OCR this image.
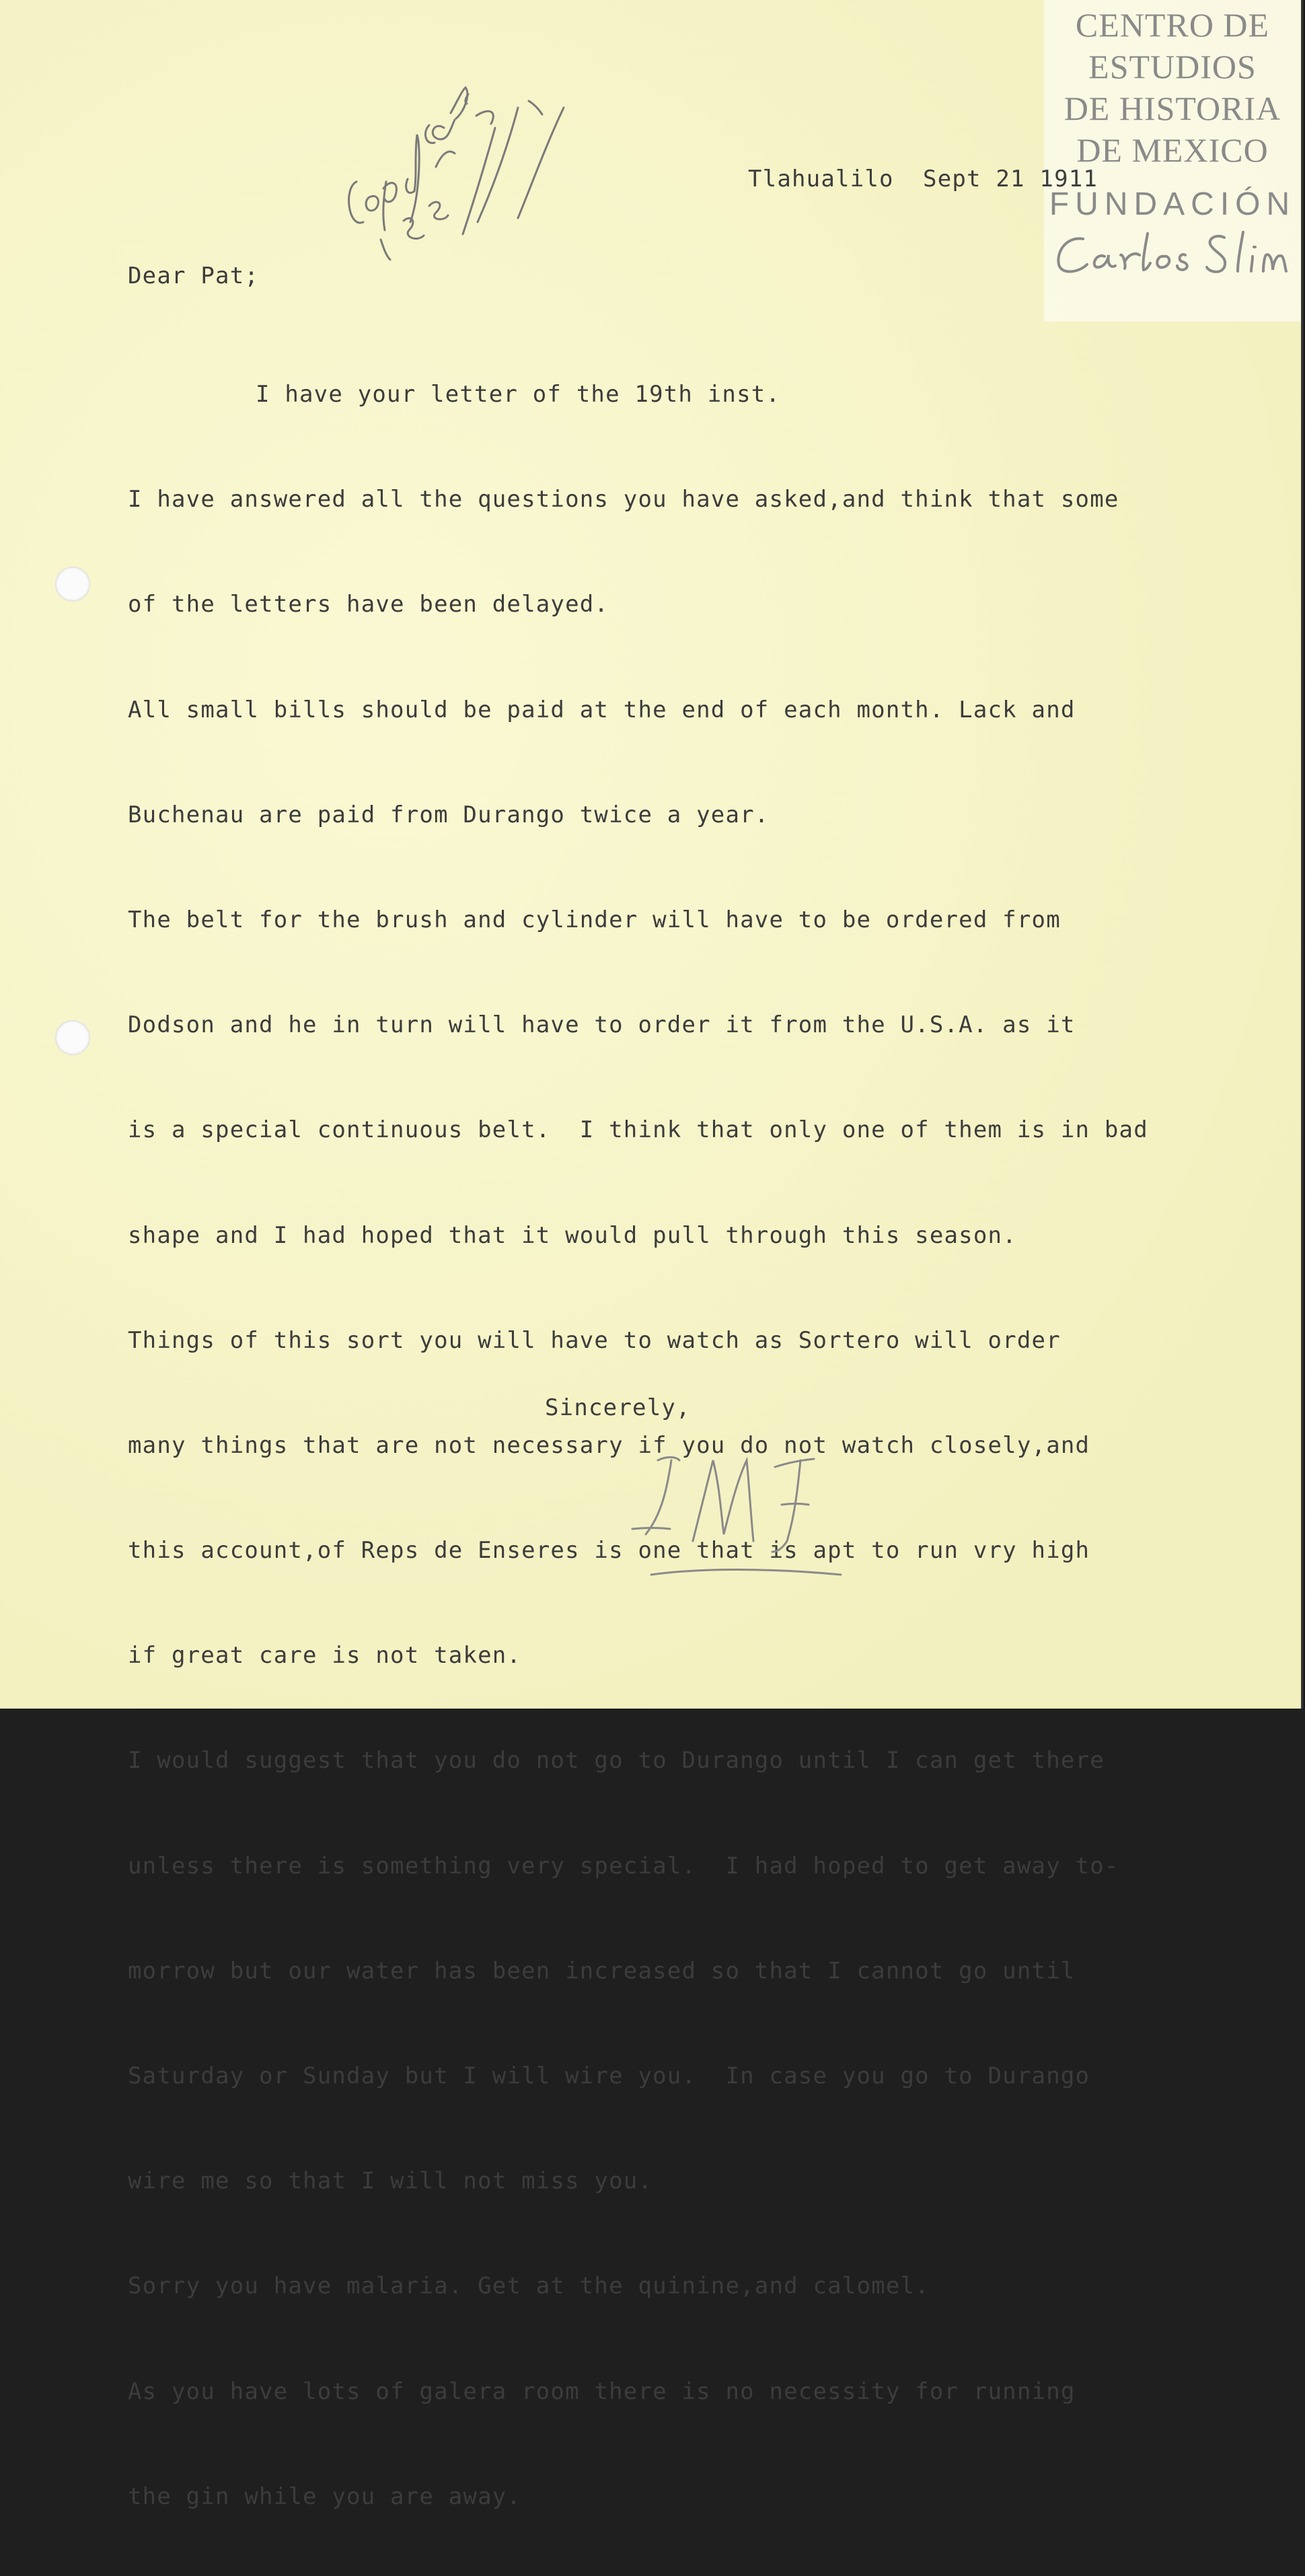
CENTRO DE
ESTUDIOS
DE HISTORIA
DE MEXICO
FUNDACIÓN
Tlahualilo  Sept 21 1911
Dear Pat;

I have your letter of the 19th inst.

I have answered all the questions you have asked,and think that some

of the letters have been delayed.

All small bills should be paid at the end of each month. Lack and

Buchenau are paid from Durango twice a year.

The belt for the brush and cylinder will have to be ordered from

Dodson and he in turn will have to order it from the U.S.A. as it

is a special continuous belt.  I think that only one of them is in bad

shape and I had hoped that it would pull through this season.

Things of this sort you will have to watch as Sortero will order

many things that are not necessary if you do not watch closely,and

this account,of Reps de Enseres is one that is apt to run vry high

if great care is not taken.

I would suggest that you do not go to Durango until I can get there

unless there is something very special.  I had hoped to get away to-

morrow but our water has been increased so that I cannot go until

Saturday or Sunday but I will wire you.  In case you go to Durango

wire me so that I will not miss you.

Sorry you have malaria. Get at the quinine,and calomel.

As you have lots of galera room there is no necessity for running

the gin while you are away.

Sincerely,
